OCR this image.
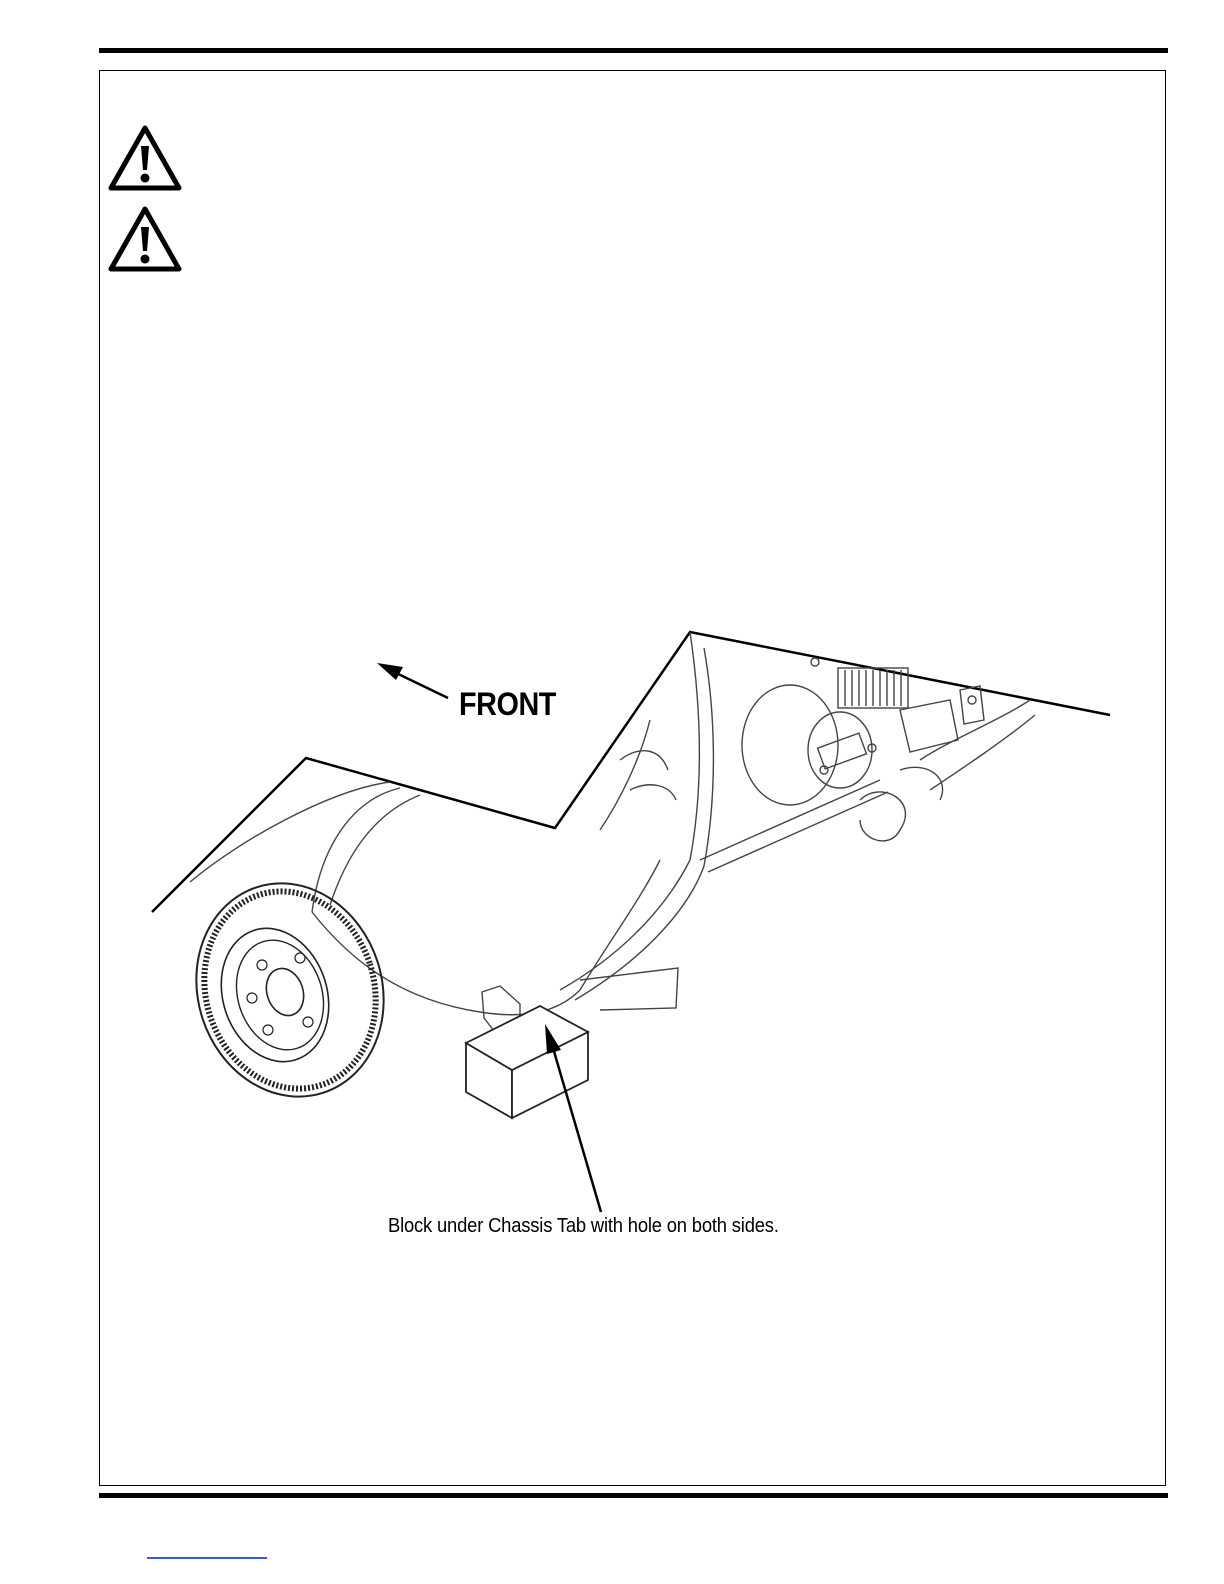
FRONT
Block under Chassis Tab with hole on both sides.
